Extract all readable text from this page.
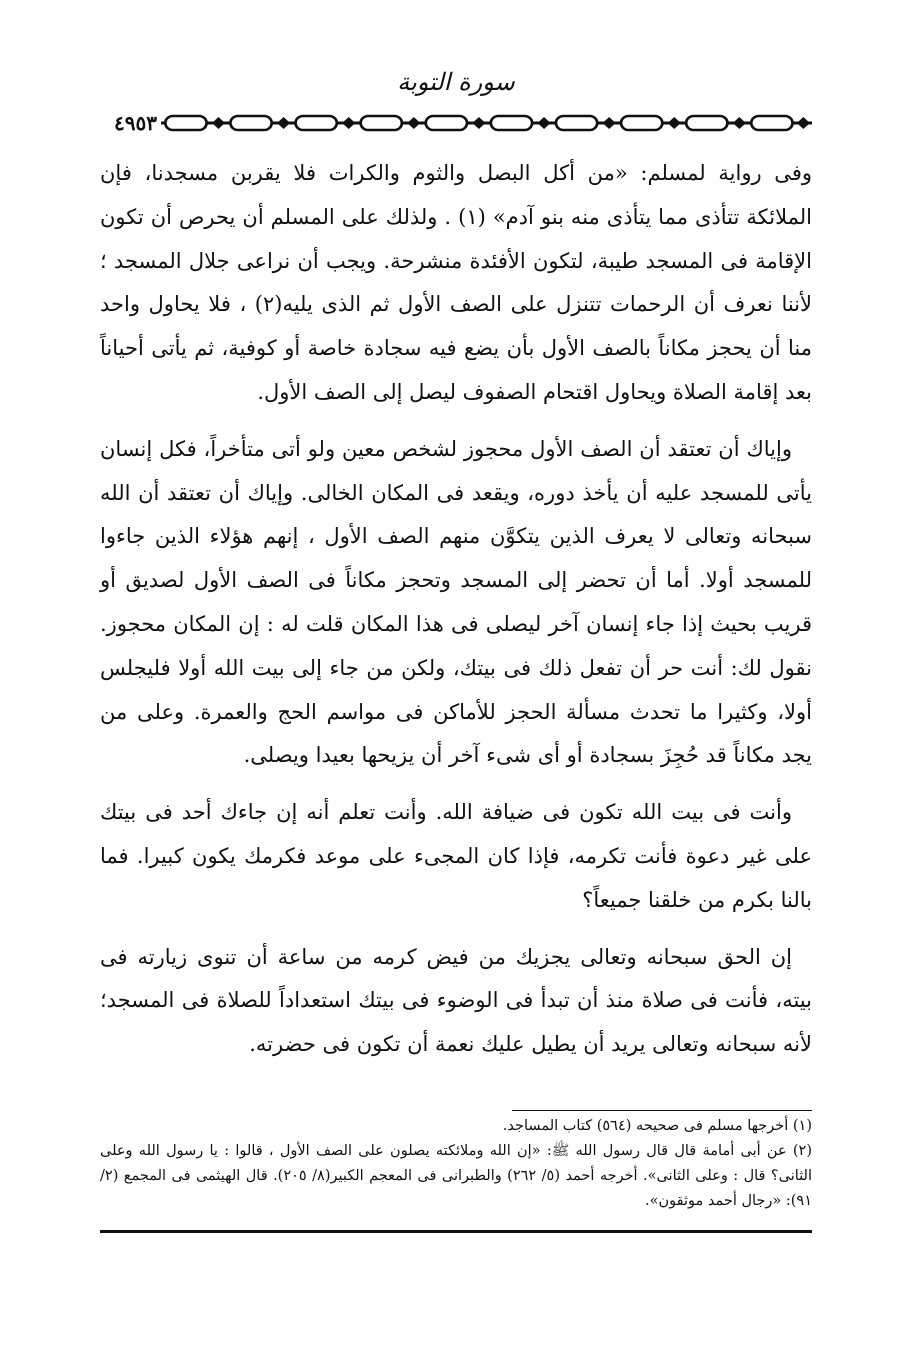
سورة التوبة
٤٩٥٣

وفى رواية لمسلم: «من أكل البصل والثوم والكرات فلا يقربن مسجدنا، فإن الملائكة تتأذى مما يتأذى منه بنو آدم» (١) . ولذلك على المسلم أن يحرص أن تكون الإقامة فى المسجد طيبة، لتكون الأفئدة منشرحة. ويجب أن نراعى جلال المسجد ؛ لأننا نعرف أن الرحمات تتنزل على الصف الأول ثم الذى يليه(٢) ، فلا يحاول واحد منا أن يحجز مكاناً بالصف الأول بأن يضع فيه سجادة خاصة أو كوفية، ثم يأتى أحياناً بعد إقامة الصلاة ويحاول اقتحام الصفوف ليصل إلى الصف الأول.

وإياك أن تعتقد أن الصف الأول محجوز لشخص معين ولو أتى متأخراً، فكل إنسان يأتى للمسجد عليه أن يأخذ دوره، ويقعد فى المكان الخالى. وإياك أن تعتقد أن الله سبحانه وتعالى لا يعرف الذين يتكوَّن منهم الصف الأول ، إنهم هؤلاء الذين جاءوا للمسجد أولا. أما أن تحضر إلى المسجد وتحجز مكاناً فى الصف الأول لصديق أو قريب بحيث إذا جاء إنسان آخر ليصلى فى هذا المكان قلت له : إن المكان محجوز. نقول لك: أنت حر أن تفعل ذلك فى بيتك، ولكن من جاء إلى بيت الله أولا فليجلس أولا، وكثيرا ما تحدث مسألة الحجز للأماكن فى مواسم الحج والعمرة. وعلى من يجد مكاناً قد حُجِزَ بسجادة أو أى شىء آخر أن يزيحها بعيدا ويصلى.

وأنت فى بيت الله تكون فى ضيافة الله. وأنت تعلم أنه إن جاءك أحد فى بيتك على غير دعوة فأنت تكرمه، فإذا كان المجىء على موعد فكرمك يكون كبيرا. فما بالنا بكرم من خلقنا جميعاً؟

إن الحق سبحانه وتعالى يجزيك من فيض كرمه من ساعة أن تنوى زيارته فى بيته، فأنت فى صلاة منذ أن تبدأ فى الوضوء فى بيتك استعداداً للصلاة فى المسجد؛ لأنه سبحانه وتعالى يريد أن يطيل عليك نعمة أن تكون فى حضرته.

(١) أخرجها مسلم فى صحيحه (٥٦٤) كتاب المساجد.

(٢) عن أبى أمامة قال قال رسول الله ﷺ: «إن الله وملائكته يصلون على الصف الأول ، قالوا : يا رسول الله وعلى الثانى؟ قال : وعلى الثانى». أخرجه أحمد (٥/ ٢٦٢) والطبرانى فى المعجم الكبير(٨/ ٢٠٥). قال الهيثمى فى المجمع (٢/ ٩١): «رجال أحمد موثقون».
